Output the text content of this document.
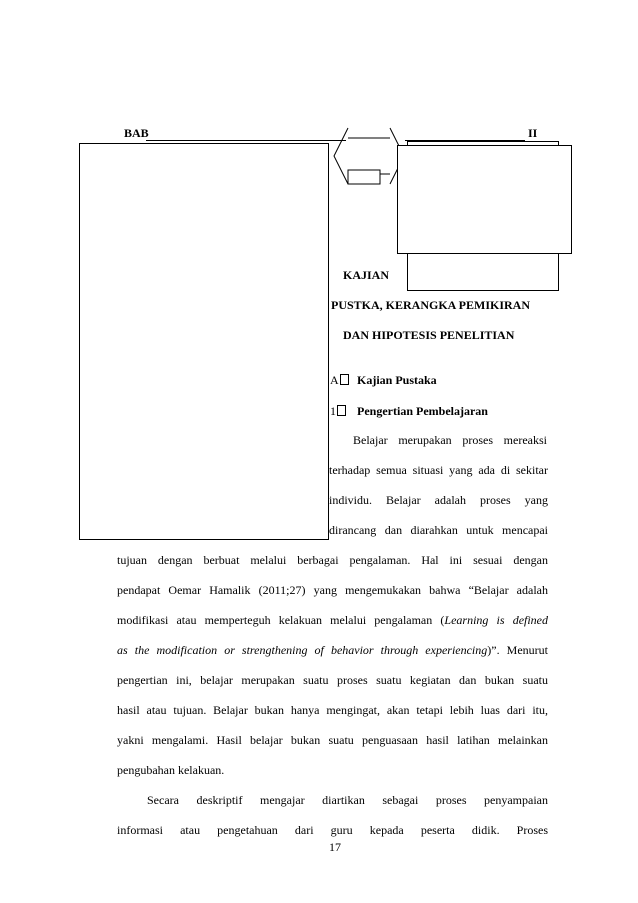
BAB	II
KAJIAN
PUSTKA, KERANGKA PEMIKIRAN
DAN HIPOTESIS PENELITIAN
A	Kajian Pustaka
1	Pengertian Pembelajaran
Belajar merupakan proses mereaksi
terhadap semua situasi yang ada di sekitar
individu. Belajar adalah proses yang
dirancang dan diarahkan untuk mencapai
tujuan dengan berbuat melalui berbagai pengalaman. Hal ini sesuai dengan
pendapat Oemar Hamalik (2011;27) yang mengemukakan bahwa “Belajar adalah
modifikasi atau memperteguh kelakuan melalui pengalaman (Learning is defined
as the modification or strengthening of behavior through experiencing)”. Menurut
pengertian ini, belajar merupakan suatu proses suatu kegiatan dan bukan suatu
hasil atau tujuan. Belajar bukan hanya mengingat, akan tetapi lebih luas dari itu,
yakni mengalami. Hasil belajar bukan suatu penguasaan hasil latihan melainkan
pengubahan kelakuan.
Secara deskriptif mengajar diartikan sebagai proses penyampaian
informasi atau pengetahuan dari guru kepada peserta didik. Proses
17
